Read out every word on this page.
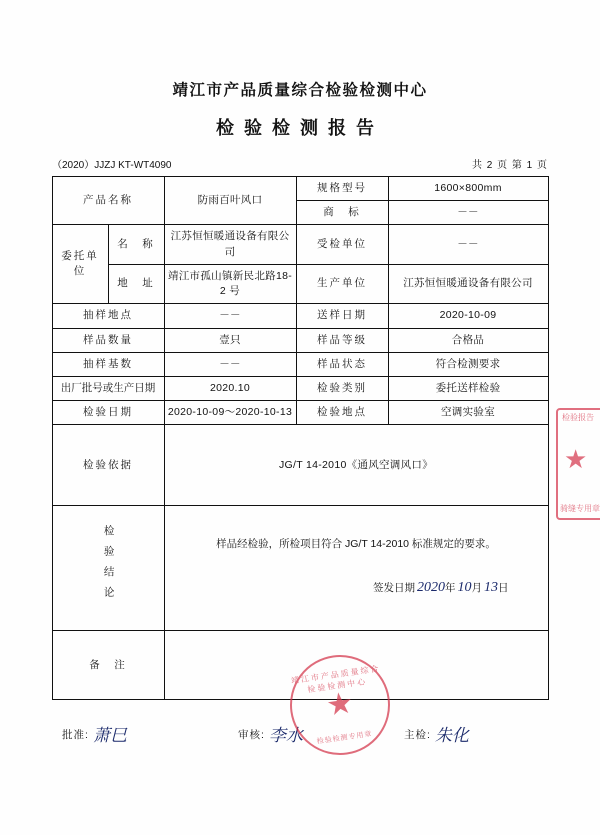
靖江市产品质量综合检验检测中心
检验检测报告
（2020）JJZJ KT-WT4090	共 2 页 第 1 页
产品名称		防雨百叶风口	规格型号	1600×800mm
			商　标	－－
委托单位	名　称	江苏恒恒暖通设备有限公司	受检单位	－－
	地　址	靖江市孤山镇新民北路18-2 号	生产单位	江苏恒恒暖通设备有限公司
抽样地点		－－	送样日期	2020-10-09
样品数量		壹只	样品等级	合格品
抽样基数		－－	样品状态	符合检测要求
出厂批号或生产日期		2020.10	检验类别	委托送样检验
检验日期		2020-10-09～2020-10-13	检验地点	空调实验室
检验依据		JG/T 14-2010《通风空调风口》		
检验结论		样品经检验，所检项目符合 JG/T 14-2010 标准规定的要求。
签发日期 2020年 10月 13日		

备　注				
批准: 萧巳	审核: 李水	主检: 朱化
靖江市产品质量综合检验检测中心
★
检验检测专用章
检验报告
★
骑缝专用章
